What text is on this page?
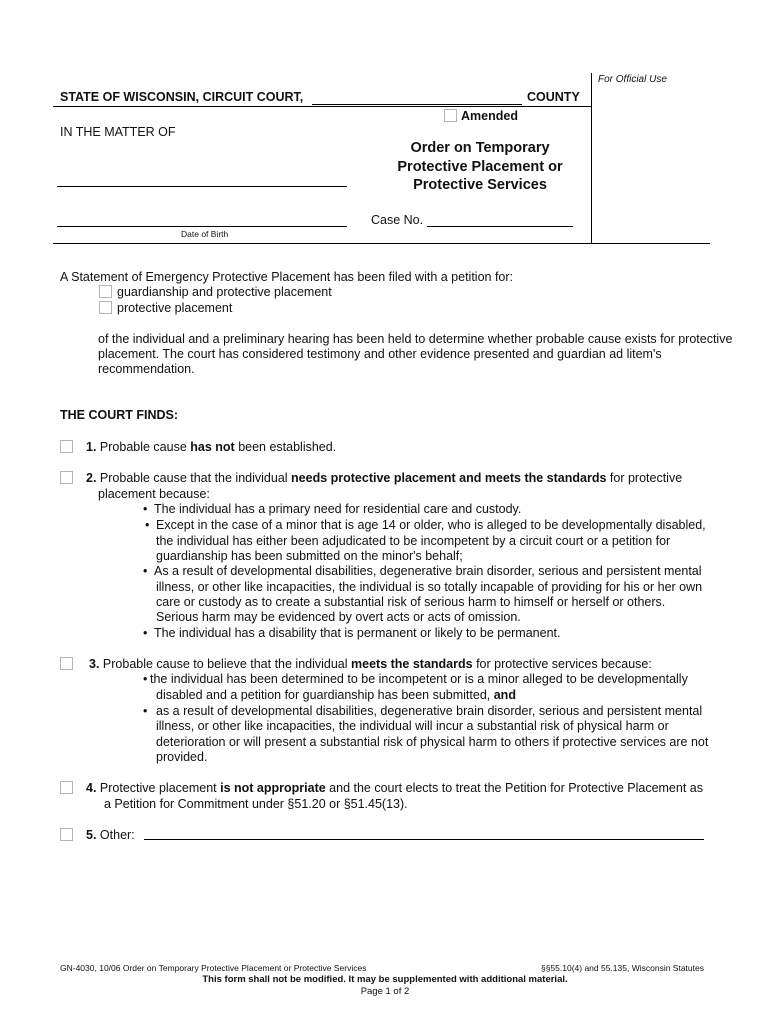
For Official Use
STATE OF WISCONSIN, CIRCUIT COURT,	COUNTY
Amended
IN THE MATTER OF
Order on Temporary
Protective Placement or
Protective Services
Date of Birth
Case No.
A Statement of Emergency Protective Placement has been filed with a petition for:
guardianship and protective placement
protective placement
of the individual and a preliminary hearing has been held to determine whether probable cause exists for protective
placement. The court has considered testimony and other evidence presented and guardian ad litem's
recommendation.
THE COURT FINDS:
1. Probable cause has not been established.
2. Probable cause that the individual needs protective placement and meets the standards for protective
placement because:
• The individual has a primary need for residential care and custody.
• Except in the case of a minor that is age 14 or older, who is alleged to be developmentally disabled,
the individual has either been adjudicated to be incompetent by a circuit court or a petition for
guardianship has been submitted on the minor's behalf;
• As a result of developmental disabilities, degenerative brain disorder, serious and persistent mental
illness, or other like incapacities, the individual is so totally incapable of providing for his or her own
care or custody as to create a substantial risk of serious harm to himself or herself or others.
Serious harm may be evidenced by overt acts or acts of omission.
• The individual has a disability that is permanent or likely to be permanent.
3. Probable cause to believe that the individual meets the standards for protective services because:
• the individual has been determined to be incompetent or is a minor alleged to be developmentally
disabled and a petition for guardianship has been submitted, and
• as a result of developmental disabilities, degenerative brain disorder, serious and persistent mental
illness, or other like incapacities, the individual will incur a substantial risk of physical harm or
deterioration or will present a substantial risk of physical harm to others if protective services are not
provided.
4. Protective placement is not appropriate and the court elects to treat the Petition for Protective Placement as
a Petition for Commitment under §51.20 or §51.45(13).
5. Other:
GN-4030, 10/06 Order on Temporary Protective Placement or Protective Services	§§55.10(4) and 55.135, Wisconsin Statutes
This form shall not be modified. It may be supplemented with additional material.
Page 1 of 2
